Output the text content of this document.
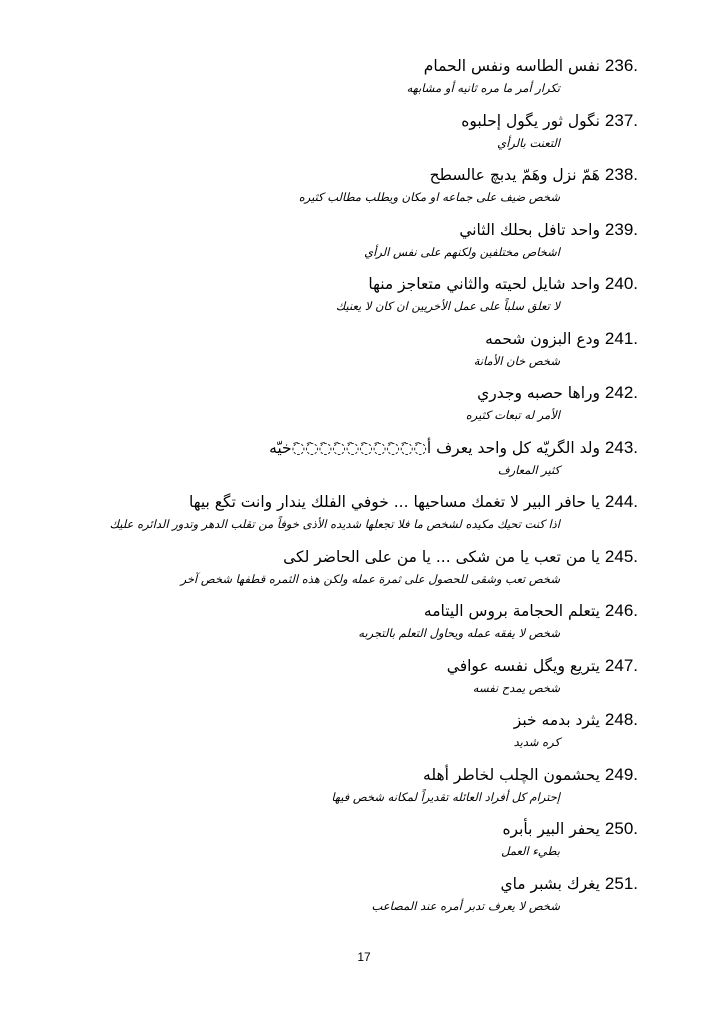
236. نفس الطاسه ونفس الحمام
تكرار أمر ما مره ثانيه أو مشابهه
237. نگول ثور يگول إحلبوه
التعنت بالرأي
238. هَمّ نزل وهَمّ يدبچ عالسطح
شخص ضيف على جماعه او مكان ويطلب مطالب كثيره
239. واحد تافل بحلك الثاني
اشخاص مختلفين ولكنهم على نفس الرأي
240. واحد شايل لحيته والثاني متعاجز منها
لا تعلق سلباً على عمل الأخريين ان كان لا يعنيك
241. ودع البزون شحمه
شخص خان الأمانة
242. وراها حصبه وجدري
الأمر له تبعات كثيره
243. ولد الگريّه كل واحد يعرف أ◌َ◌َ◌َ◌َ◌َ◌َ◌َ◌َ◌َ◌َخيّه
كثير المعارف
244. يا حافر البير لا تغمك مساحيها ... خوفي الفلك يندار وانت تگع بيها
اذا كنت تحيك مكيده لشخص ما فلا تجعلها شديده الأذى خوفاً من تقلب الدهر وتدور الدائره عليك
245. يا من تعب يا من شكى ... يا من على الحاضر لكى
شخص تعب وشقى للحصول على ثمرة عمله ولكن هذه الثمره قطفها شخص آخر
246. يتعلم الحجامة بروس اليتامه
شخص لا يفقه عمله ويحاول التعلم بالتجربه
247. يتريع ويگل نفسه عوافي
شخص يمدح نفسه
248. يثرد بدمه خبز
كره شديد
249. يحشمون الچلب لخاطر أهله
إحترام كل أفراد العائله تقديراً لمكانه شخص فيها
250. يحفر البير بأبره
بطيء العمل
251. يغرك بشبر ماي
شخص لا يعرف تدبر أمره عند المصاعب
17
